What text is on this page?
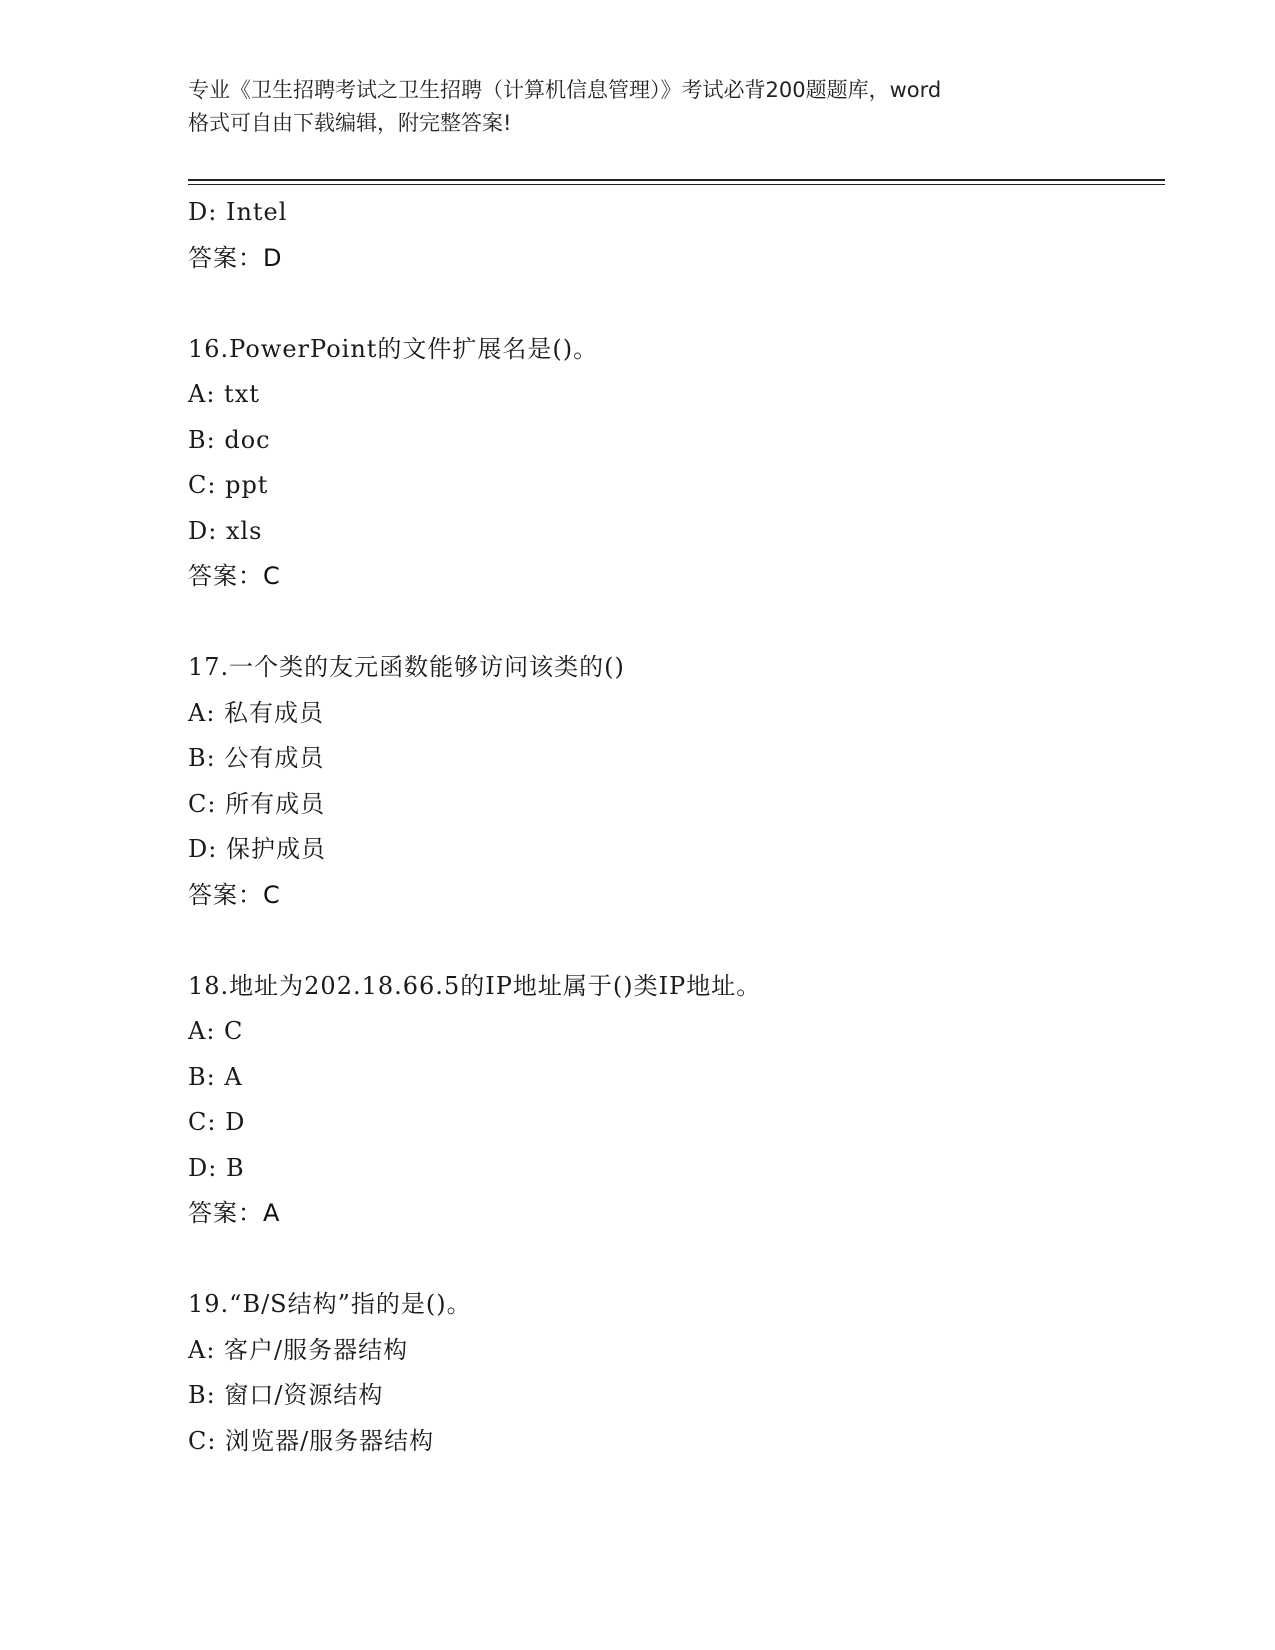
专业《卫生招聘考试之卫生招聘（计算机信息管理）》考试必背200题题库，word
格式可自由下载编辑，附完整答案!
D: Intel
答案：D
16.PowerPoint的文件扩展名是()。
A: txt
B: doc
C: ppt
D: xls
答案：C
17.一个类的友元函数能够访问该类的()
A: 私有成员
B: 公有成员
C: 所有成员
D: 保护成员
答案：C
18.地址为202.18.66.5的IP地址属于()类IP地址。
A: C
B: A
C: D
D: B
答案：A
19.“B/S结构”指的是()。
A: 客户/服务器结构
B: 窗口/资源结构
C: 浏览器/服务器结构
